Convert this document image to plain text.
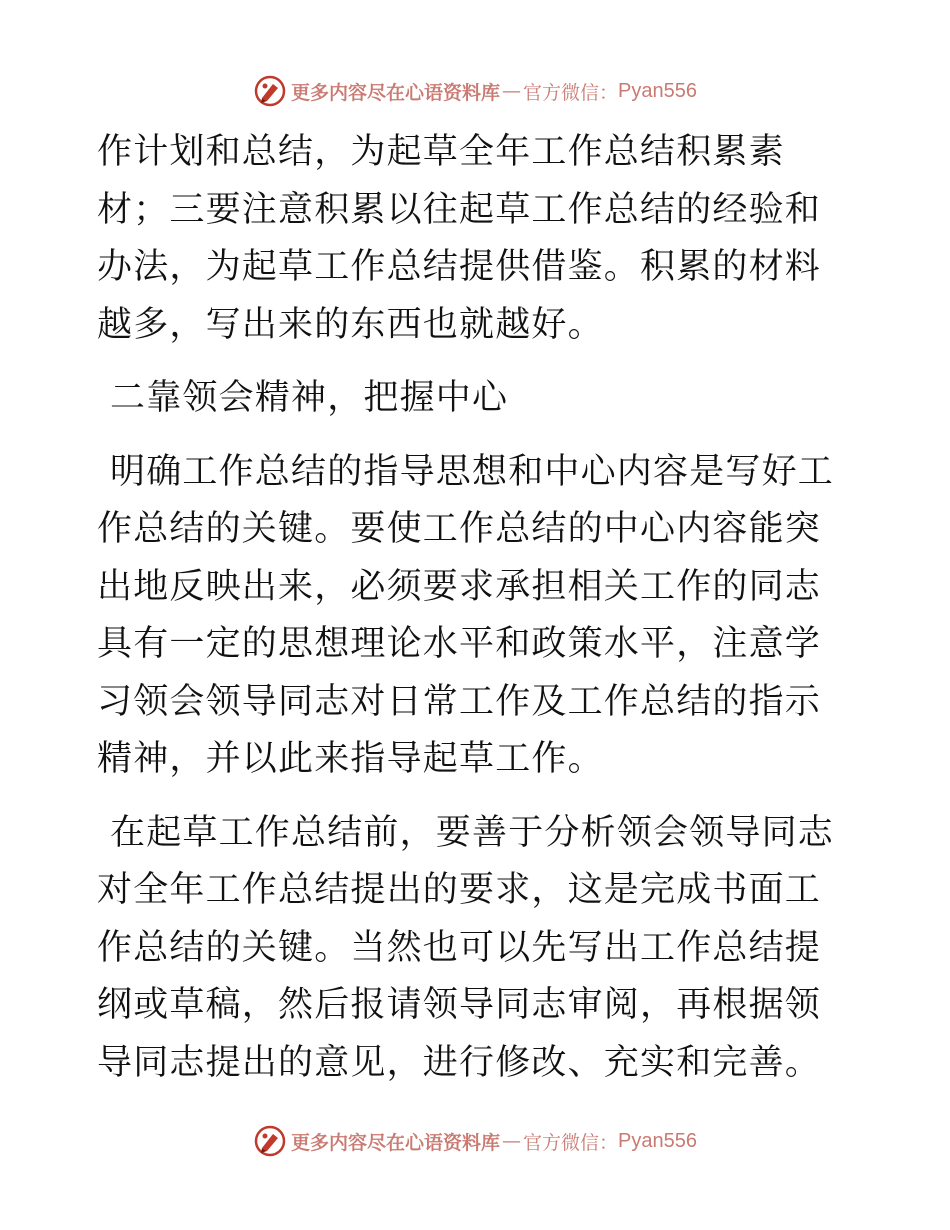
更多内容尽在心语资料库 — 官方微信： Pyan556

作计划和总结，为起草全年工作总结积累素材；三要注意积累以往起草工作总结的经验和办法，为起草工作总结提供借鉴。积累的材料越多，写出来的东西也就越好。

二靠领会精神，把握中心

明确工作总结的指导思想和中心内容是写好工作总结的关键。要使工作总结的中心内容能突出地反映出来，必须要求承担相关工作的同志具有一定的思想理论水平和政策水平，注意学习领会领导同志对日常工作及工作总结的指示精神，并以此来指导起草工作。

在起草工作总结前，要善于分析领会领导同志对全年工作总结提出的要求，这是完成书面工作总结的关键。当然也可以先写出工作总结提纲或草稿，然后报请领导同志审阅，再根据领导同志提出的意见，进行修改、充实和完善。

更多内容尽在心语资料库 — 官方微信： Pyan556
